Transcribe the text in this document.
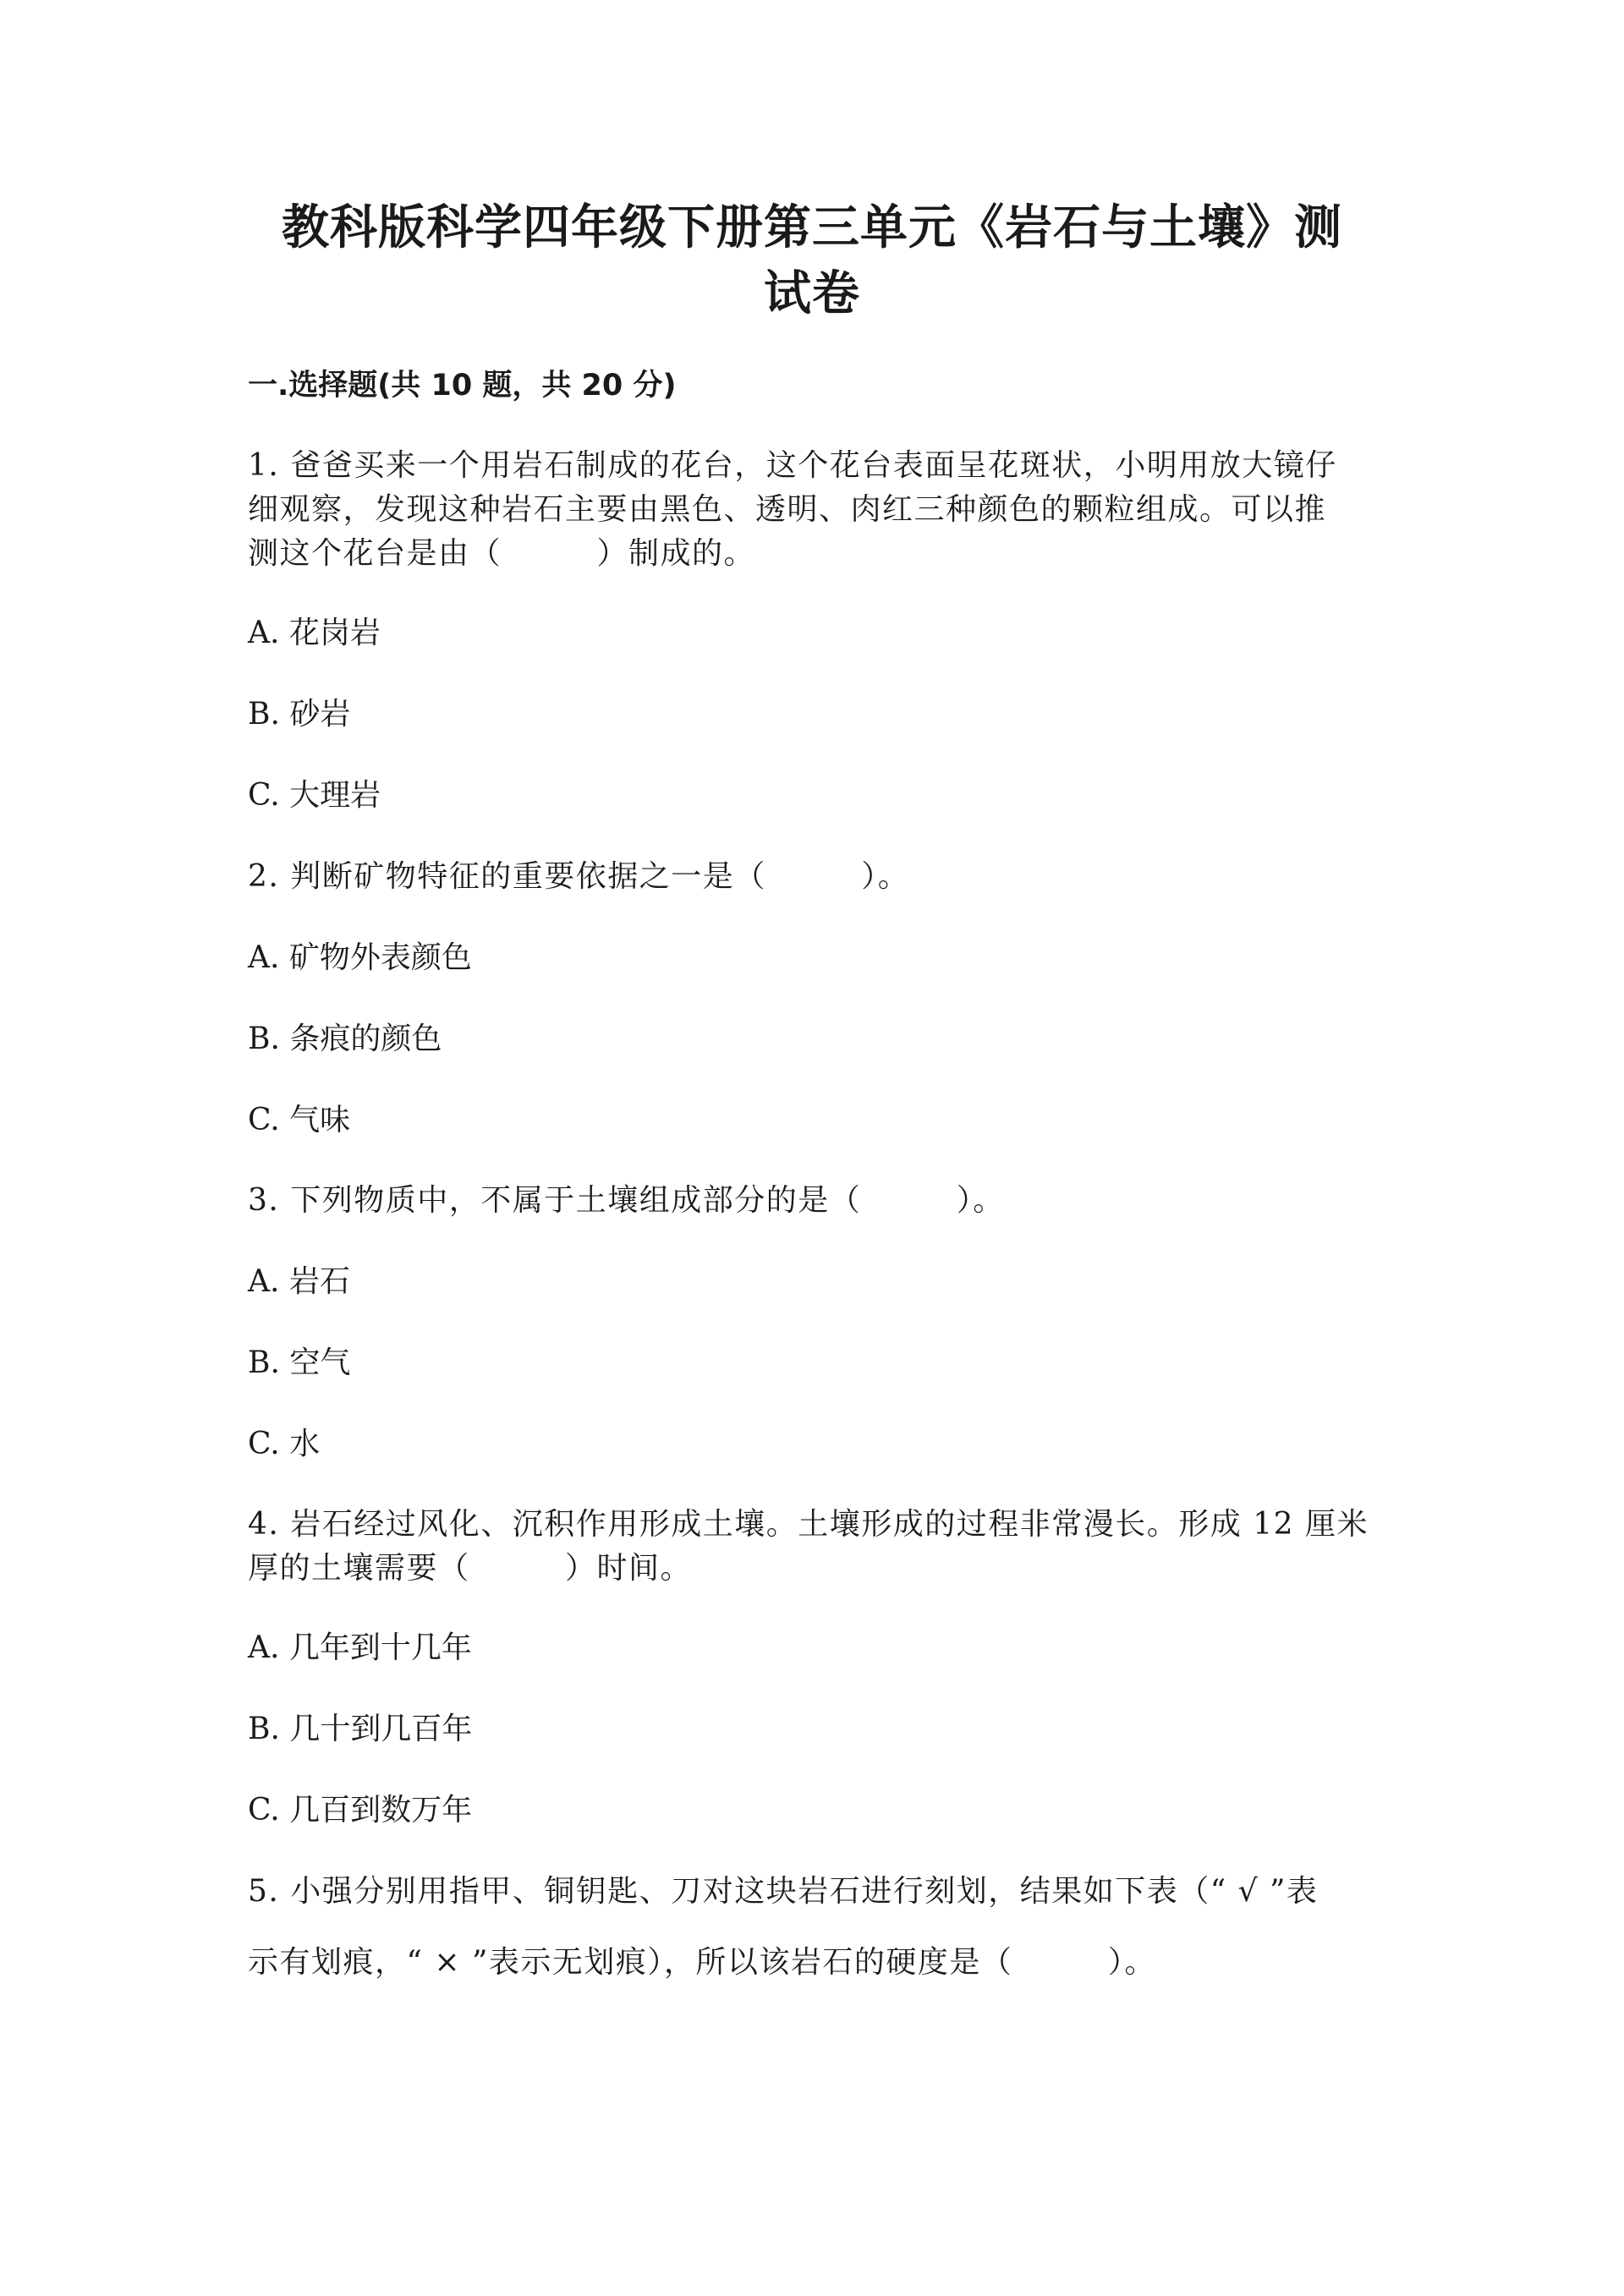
教科版科学四年级下册第三单元《岩石与土壤》测
试卷
一.选择题(共 10 题，共 20 分)

1. 爸爸买来一个用岩石制成的花台，这个花台表面呈花斑状，小明用放大镜仔

细观察，发现这种岩石主要由黑色、透明、肉红三种颜色的颗粒组成。可以推

测这个花台是由（　　　）制成的。

A. 花岗岩

B. 砂岩

C. 大理岩

2. 判断矿物特征的重要依据之一是（　　　）。

A. 矿物外表颜色

B. 条痕的颜色

C. 气味

3. 下列物质中，不属于土壤组成部分的是（　　　）。

A. 岩石

B. 空气

C. 水

4. 岩石经过风化、沉积作用形成土壤。土壤形成的过程非常漫长。形成 12 厘米

厚的土壤需要（　　　）时间。

A. 几年到十几年

B. 几十到几百年

C. 几百到数万年

5. 小强分别用指甲、铜钥匙、刀对这块岩石进行刻划，结果如下表（“ √ ”表

示有划痕，“ × ”表示无划痕），所以该岩石的硬度是（　　　）。
